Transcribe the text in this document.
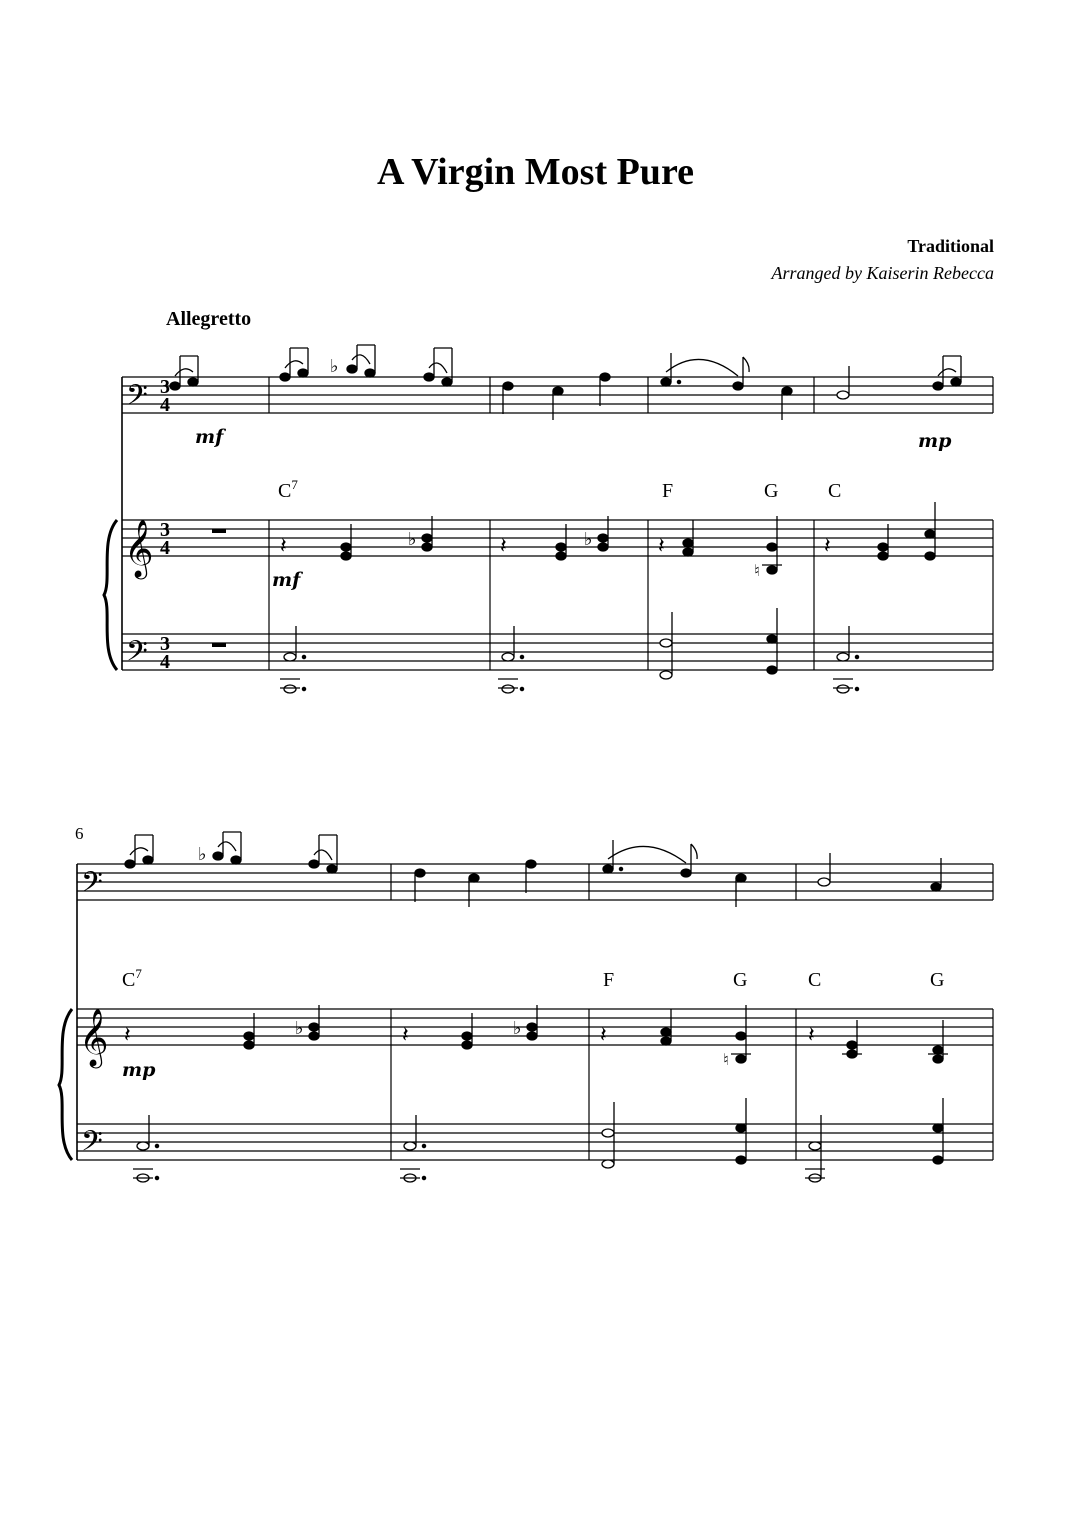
A Virgin Most Pure
Traditional
Arranged by Kaiserin Rebecca
Allegretto
6
𝄢
𝄞
𝄢
𝄢
𝄞
𝄢
3
4
3
4
3
4
♭
𝄽	♭	𝄽	♭	𝄽
♮
𝄽
♭
𝄽	♭	𝄽	♭	𝄽
♮
𝄽
$C^7$	F	G C
$C^7$	F	G	C	G
mf	mp
mf
mp
